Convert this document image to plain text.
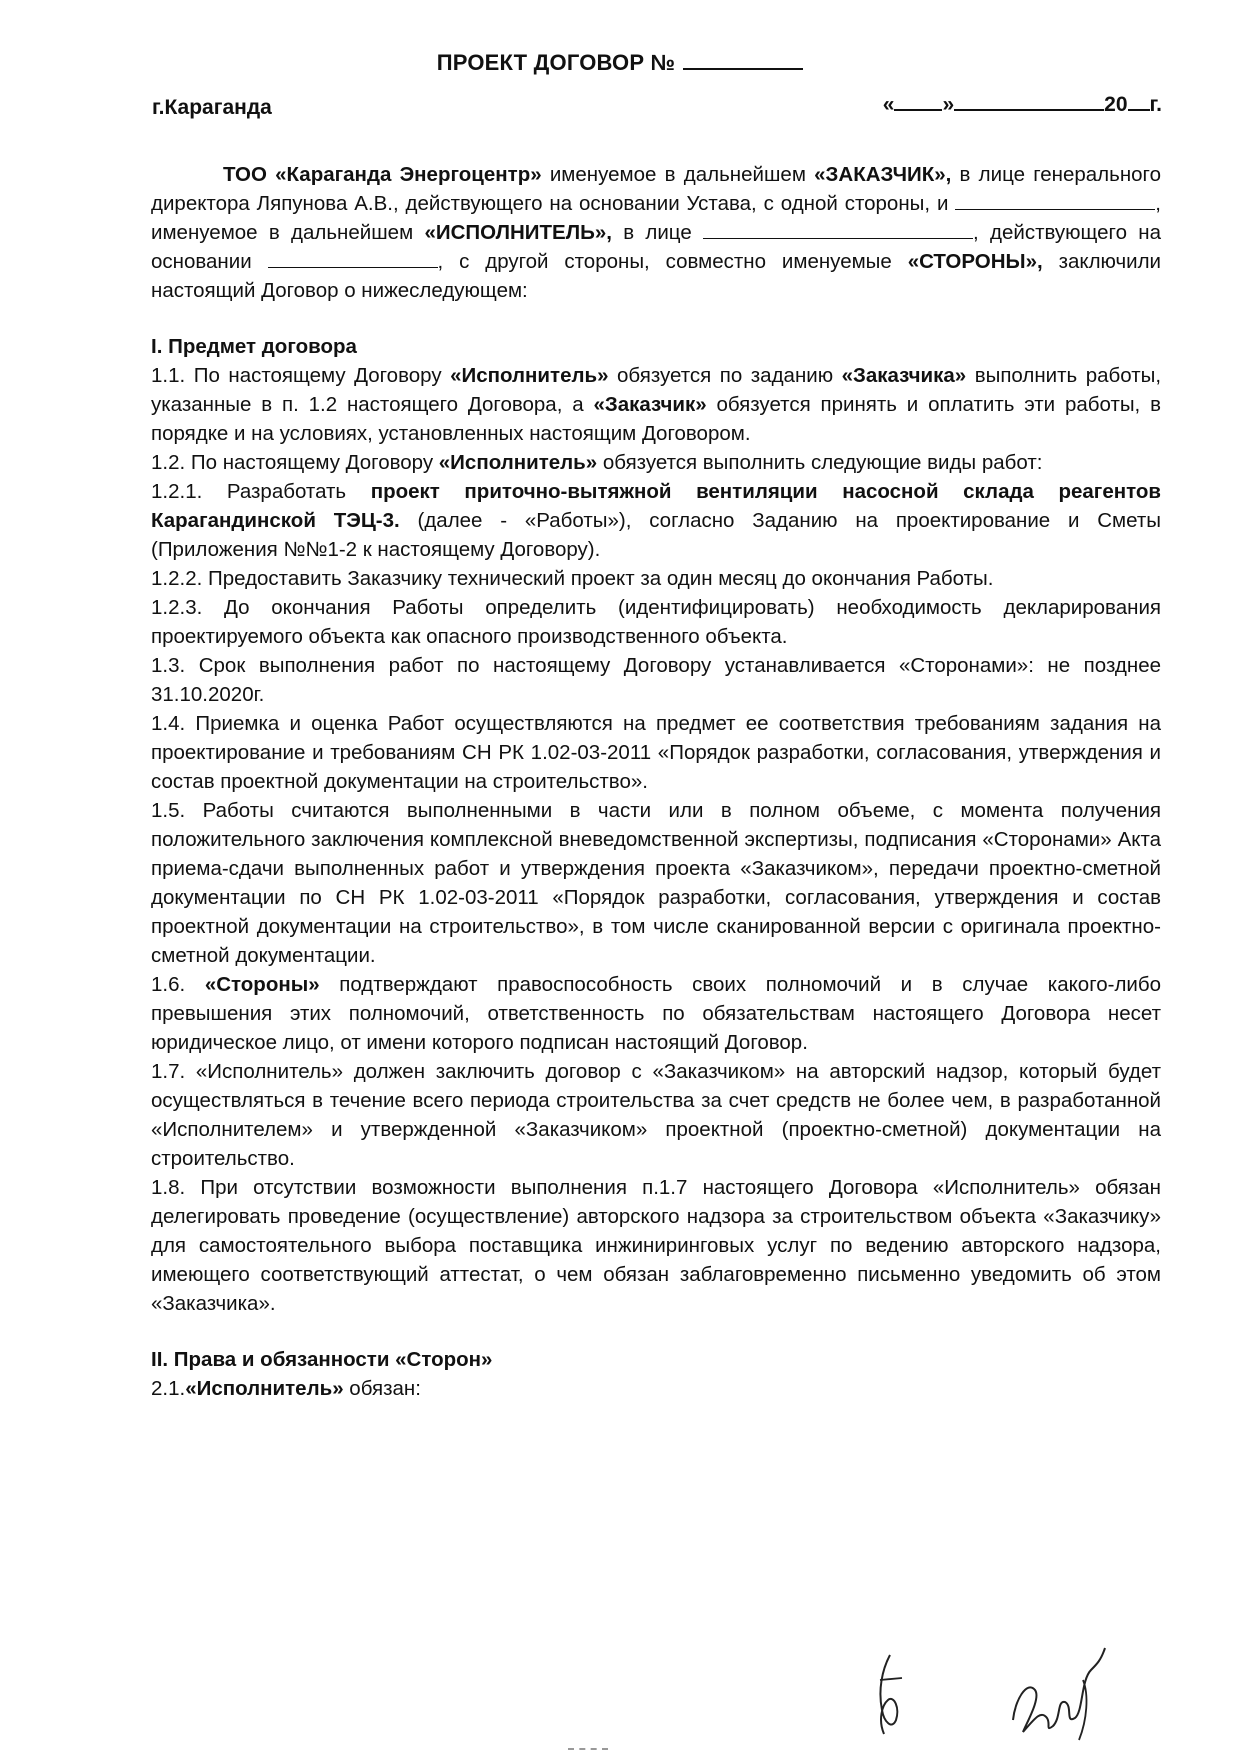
ПРОЕКТ ДОГОВОР №
г.Караганда	« »	20 г.

ТОО «Караганда Энергоцентр» именуемое в дальнейшем «ЗАКАЗЧИК», в лице генерального директора Ляпунова А.В., действующего на основании Устава, с одной стороны, и	, именуемое в дальнейшем «ИСПОЛНИТЕЛЬ», в лице	, действующего на основании	, с другой стороны, совместно именуемые «СТОРОНЫ», заключили настоящий Договор о нижеследующем:

I. Предмет договора

1.1. По настоящему Договору «Исполнитель» обязуется по заданию «Заказчика» выполнить работы, указанные в п. 1.2 настоящего Договора, а «Заказчик» обязуется принять и оплатить эти работы, в порядке и на условиях, установленных настоящим Договором.

1.2. По настоящему Договору «Исполнитель» обязуется выполнить следующие виды работ:

1.2.1. Разработать проект приточно-вытяжной вентиляции насосной склада реагентов Карагандинской ТЭЦ-3. (далее - «Работы»), согласно Заданию на проектирование и Сметы (Приложения №№1-2 к настоящему Договору).

1.2.2. Предоставить Заказчику технический проект за один месяц до окончания Работы.

1.2.3. До окончания Работы определить (идентифицировать) необходимость декларирования проектируемого объекта как опасного производственного объекта.

1.3. Срок выполнения работ по настоящему Договору устанавливается «Сторонами»: не позднее 31.10.2020г.

1.4. Приемка и оценка Работ осуществляются на предмет ее соответствия требованиям задания на проектирование и требованиям СН РК 1.02-03-2011 «Порядок разработки, согласования, утверждения и состав проектной документации на строительство».

1.5. Работы считаются выполненными в части или в полном объеме, с момента получения положительного заключения комплексной вневедомственной экспертизы, подписания «Сторонами» Акта приема-сдачи выполненных работ и утверждения проекта «Заказчиком», передачи проектно-сметной документации по СН РК 1.02-03-2011 «Порядок разработки, согласования, утверждения и состав проектной документации на строительство», в том числе сканированной версии с оригинала проектно-сметной документации.

1.6. «Стороны» подтверждают правоспособность своих полномочий и в случае какого-либо превышения этих полномочий, ответственность по обязательствам настоящего Договора несет юридическое лицо, от имени которого подписан настоящий Договор.

1.7. «Исполнитель» должен заключить договор с «Заказчиком» на авторский надзор, который будет осуществляться в течение всего периода строительства за счет средств не более чем, в разработанной «Исполнителем» и утвержденной «Заказчиком» проектной (проектно-сметной) документации на строительство.

1.8. При отсутствии возможности выполнения п.1.7 настоящего Договора «Исполнитель» обязан делегировать проведение (осуществление) авторского надзора за строительством объекта «Заказчику» для самостоятельного выбора поставщика инжиниринговых услуг по ведению авторского надзора, имеющего соответствующий аттестат, о чем обязан заблаговременно письменно уведомить об этом «Заказчика».

II. Права и обязанности «Сторон»

2.1.«Исполнитель» обязан:
